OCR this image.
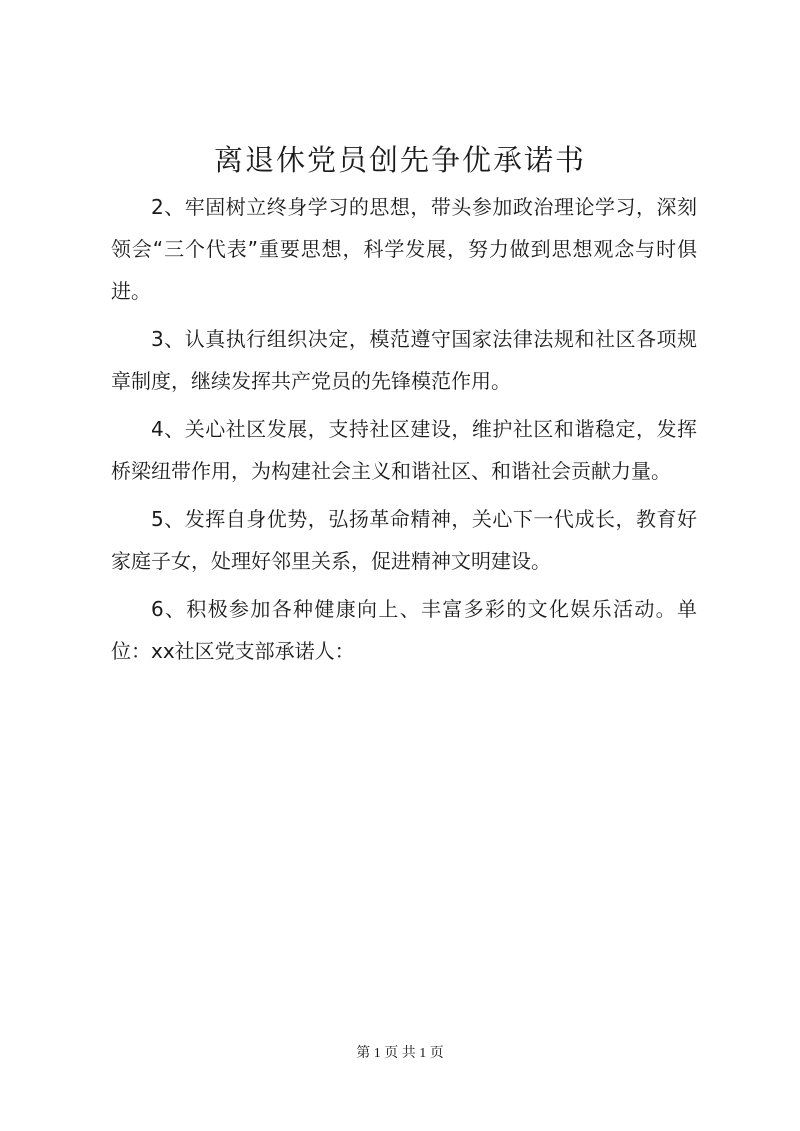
离退休党员创先争优承诺书

2、牢固树立终身学习的思想，带头参加政治理论学习，深刻领会“三个代表”重要思想，科学发展，努力做到思想观念与时俱进。

3、认真执行组织决定，模范遵守国家法律法规和社区各项规章制度，继续发挥共产党员的先锋模范作用。

4、关心社区发展，支持社区建设，维护社区和谐稳定，发挥桥梁纽带作用，为构建社会主义和谐社区、和谐社会贡献力量。

5、发挥自身优势，弘扬革命精神，关心下一代成长，教育好家庭子女，处理好邻里关系，促进精神文明建设。

6、积极参加各种健康向上、丰富多彩的文化娱乐活动。单位：xx社区党支部承诺人：

第 1 页 共 1 页
